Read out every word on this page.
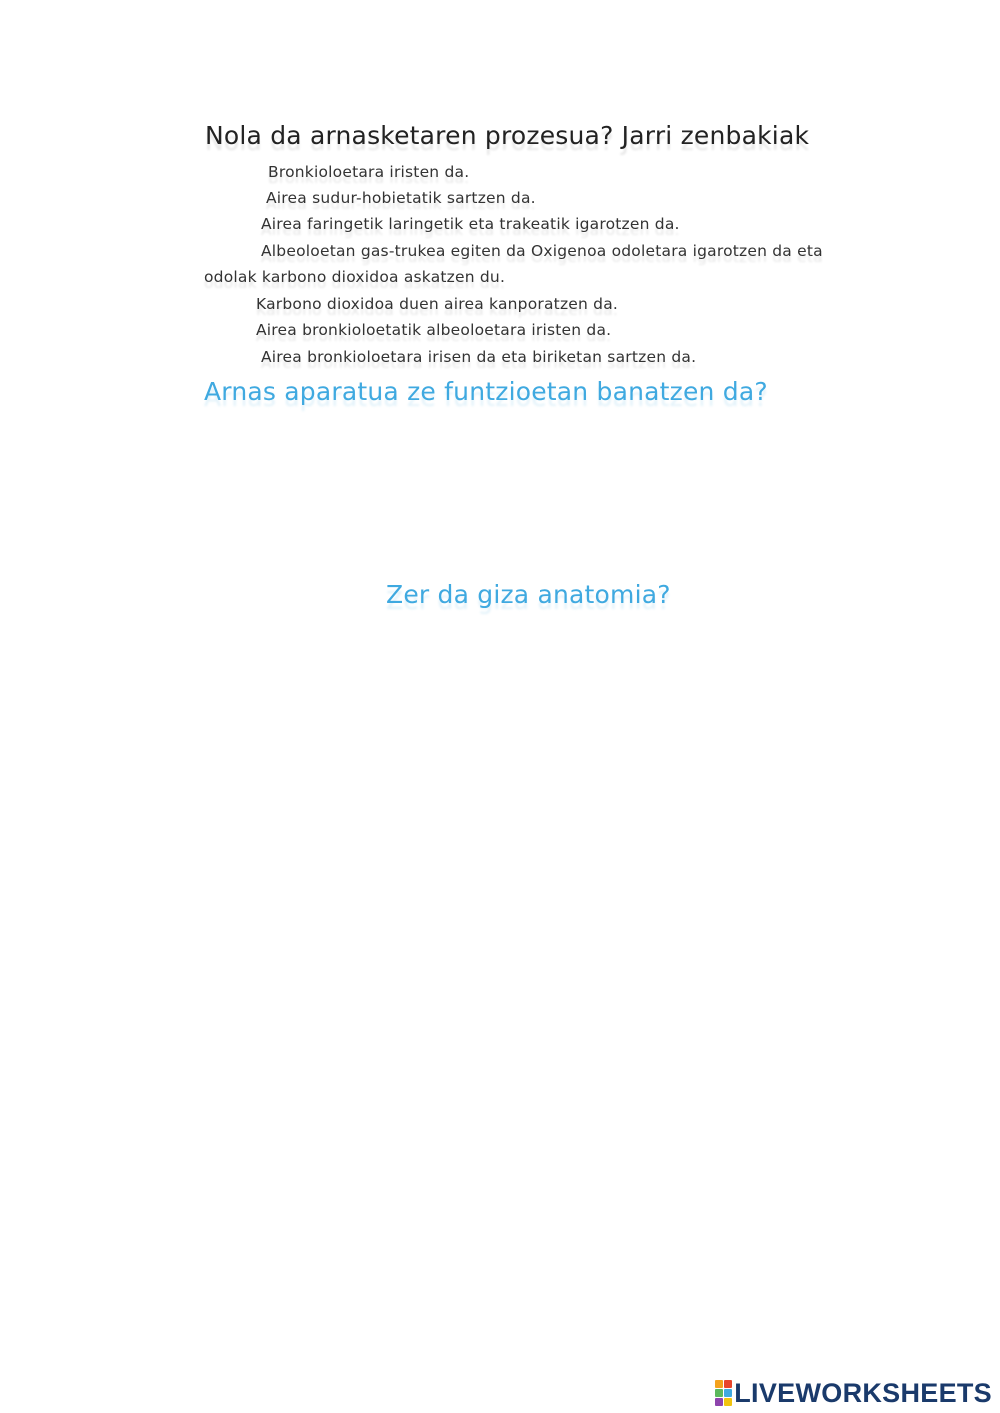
Nola da arnasketaren prozesua? Jarri zenbakiak
Bronkioloetara iristen da.
Airea sudur-hobietatik sartzen da.
Airea faringetik laringetik eta trakeatik igarotzen da.
Albeoloetan gas-trukea egiten da Oxigenoa odoletara igarotzen da eta
odolak karbono dioxidoa askatzen du.
Karbono dioxidoa duen airea kanporatzen da.
Airea bronkioloetatik albeoloetara iristen da.
Airea bronkioloetara irisen da eta biriketan sartzen da.
Arnas aparatua ze funtzioetan banatzen da?
Zer da giza anatomia?
LIVEWORKSHEETS
